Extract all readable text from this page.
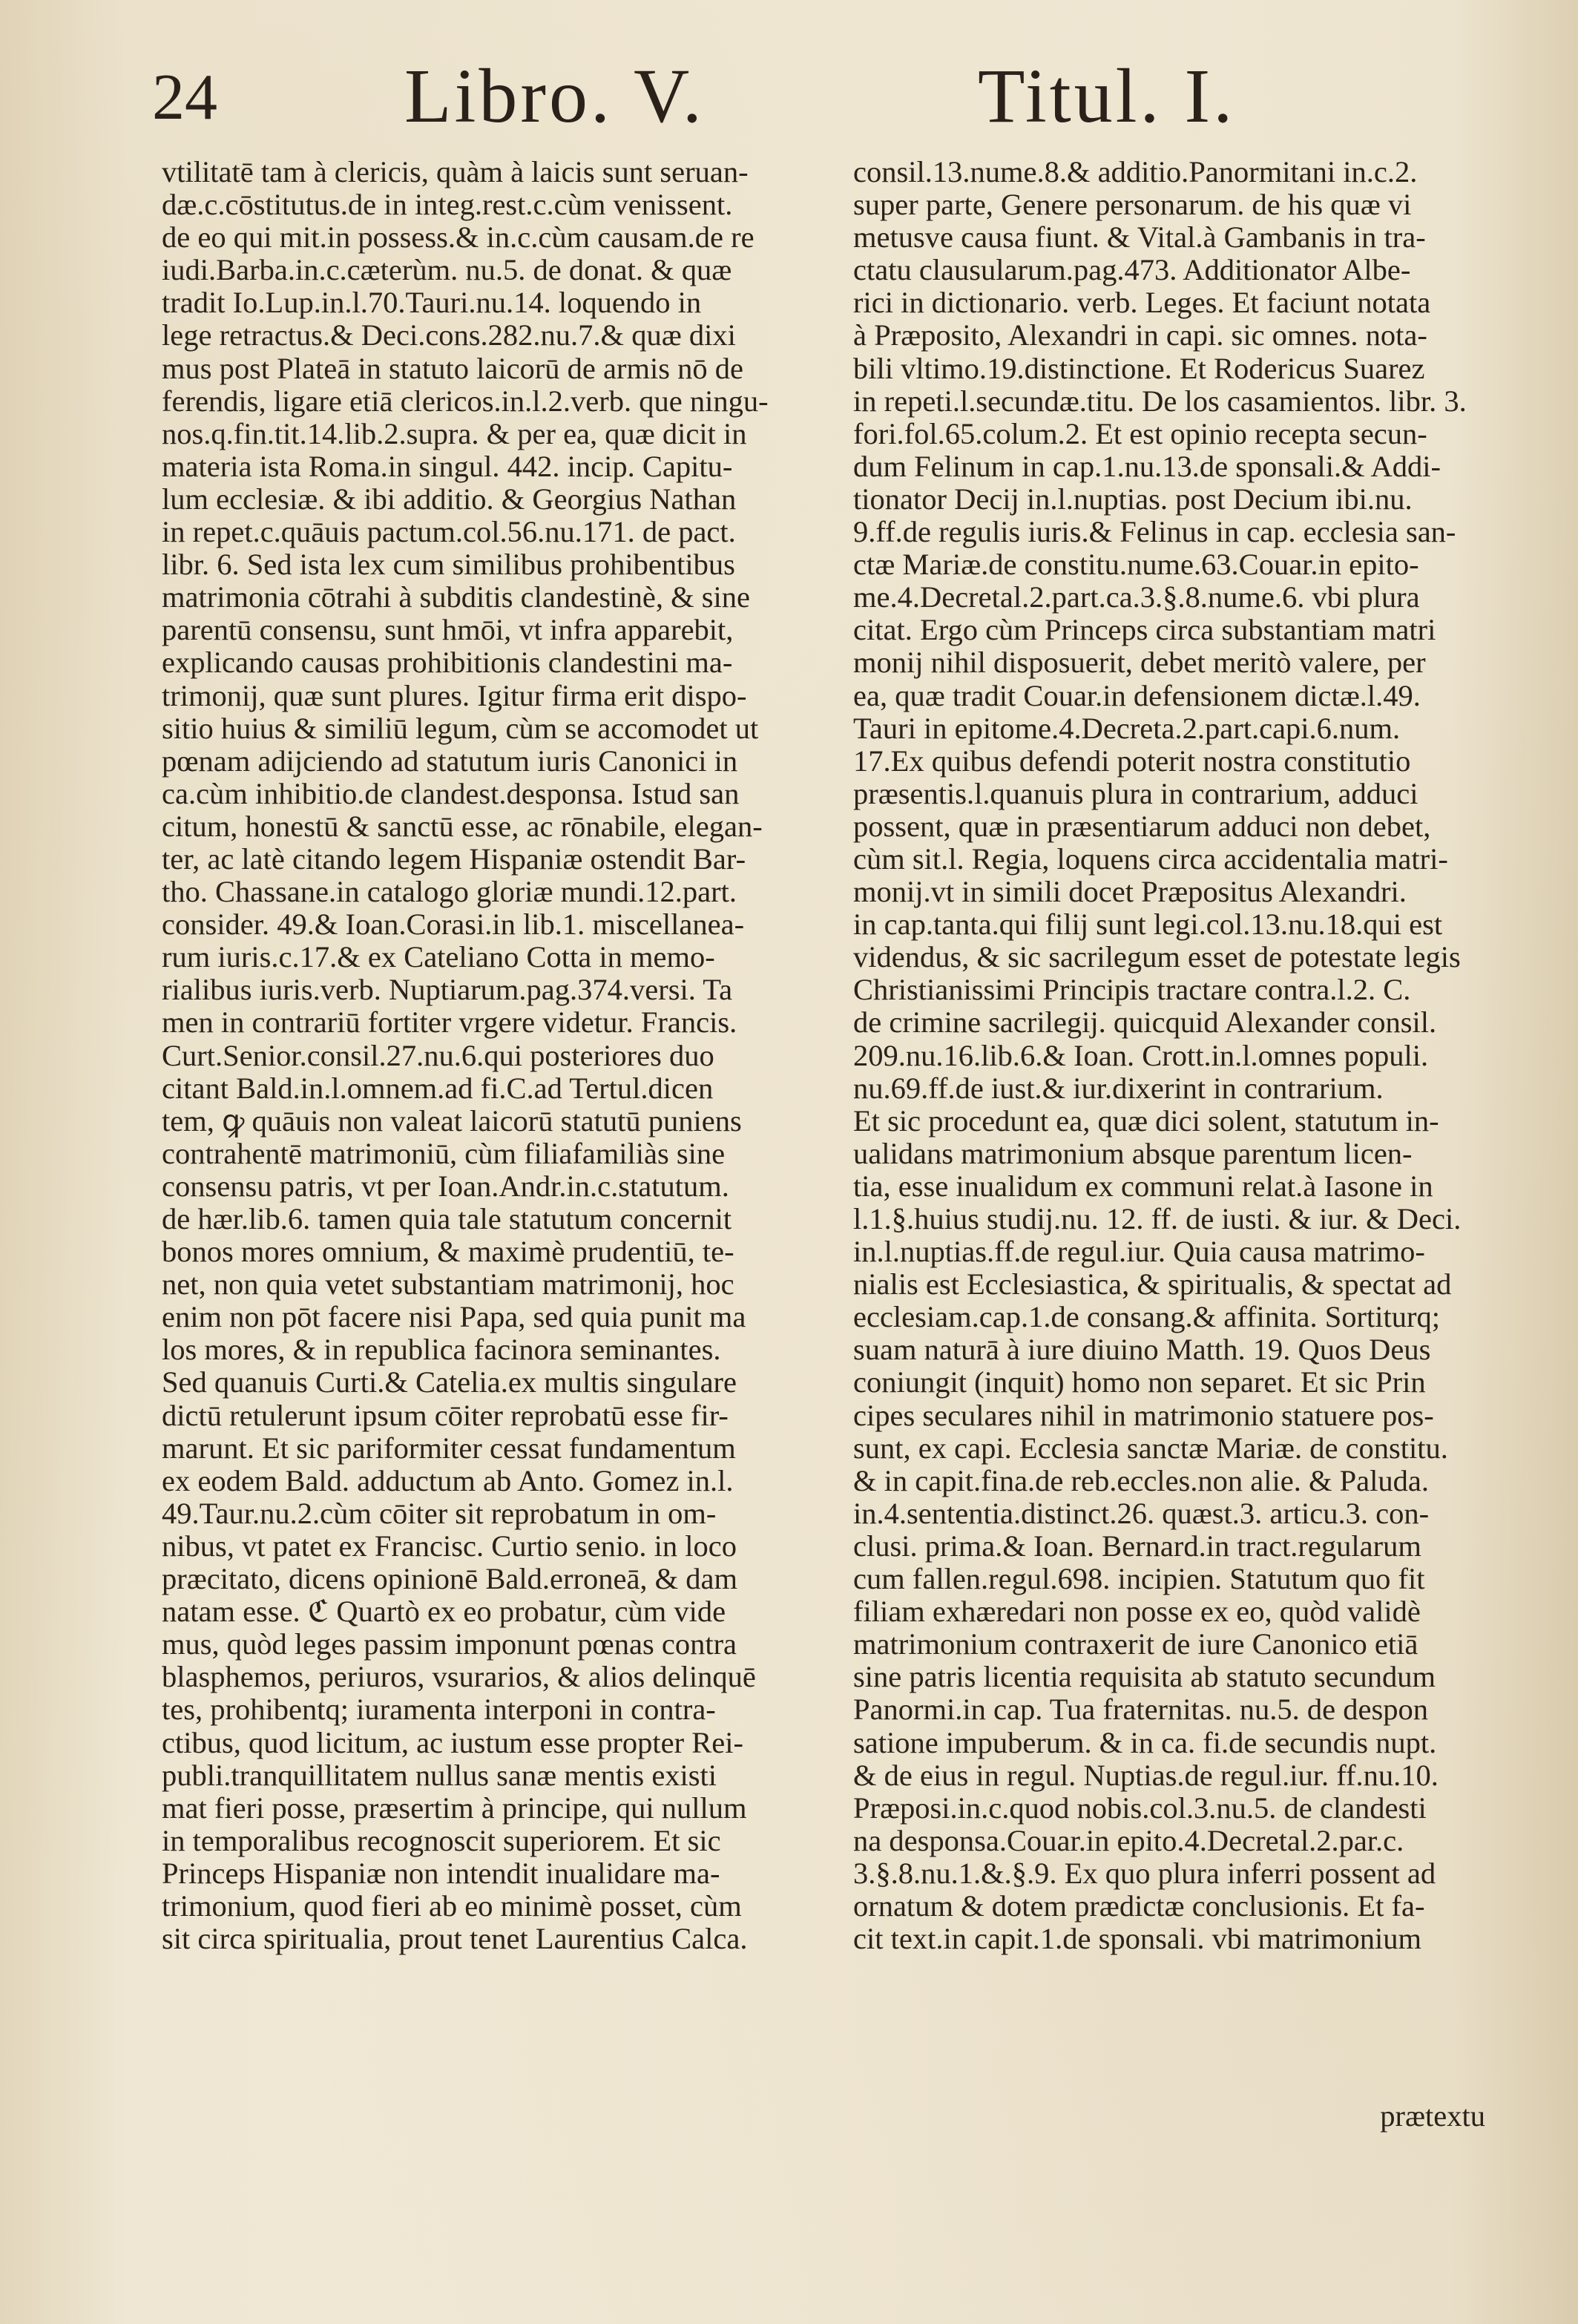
24 Libro. V.	Titul. I.
vtilitatē tam à clericis, quàm à laicis sunt seruan-
dæ.c.cōstitutus.de in integ.rest.c.cùm venissent.
de eo qui mit.in possess.& in.c.cùm causam.de re
iudi.Barba.in.c.cæterùm. nu.5. de donat. & quæ
tradit Io.Lup.in.l.70.Tauri.nu.14. loquendo in
lege retractus.& Deci.cons.282.nu.7.& quæ dixi
mus post Plateā in statuto laicorū de armis nō de
ferendis, ligare etiā clericos.in.l.2.verb. que ningu-
nos.q.fin.tit.14.lib.2.supra. & per ea, quæ dicit in
materia ista Roma.in singul. 442. incip. Capitu-
lum ecclesiæ. & ibi additio. & Georgius Nathan
in repet.c.quāuis pactum.col.56.nu.171. de pact.
libr. 6. Sed ista lex cum similibus prohibentibus
matrimonia cōtrahi à subditis clandestinè, & sine
parentū consensu, sunt hmōi, vt infra apparebit,
explicando causas prohibitionis clandestini ma-
trimonij, quæ sunt plures. Igitur firma erit dispo-
sitio huius & similiū legum, cùm se accomodet ut
pœnam adijciendo ad statutum iuris Canonici in
ca.cùm inhibitio.de clandest.desponsa. Istud san
citum, honestū & sanctū esse, ac rōnabile, elegan-
ter, ac latè citando legem Hispaniæ ostendit Bar-
tho. Chassane.in catalogo gloriæ mundi.12.part.
consider. 49.& Ioan.Corasi.in lib.1. miscellanea-
rum iuris.c.17.& ex Cateliano Cotta in memo-
rialibus iuris.verb. Nuptiarum.pag.374.versi. Ta
men in contrariū fortiter vrgere videtur. Francis.
Curt.Senior.consil.27.nu.6.qui posteriores duo
citant Bald.in.l.omnem.ad fi.C.ad Tertul.dicen
tem, ꝙ quāuis non valeat laicorū statutū puniens
contrahentē matrimoniū, cùm filiafamiliàs sine
consensu patris, vt per Ioan.Andr.in.c.statutum.
de hær.lib.6. tamen quia tale statutum concernit
bonos mores omnium, & maximè prudentiū, te-
net, non quia vetet substantiam matrimonij, hoc
enim non pōt facere nisi Papa, sed quia punit ma
los mores, & in republica facinora seminantes.
Sed quanuis Curti.& Catelia.ex multis singulare
dictū retulerunt ipsum cōiter reprobatū esse fir-
marunt. Et sic pariformiter cessat fundamentum
ex eodem Bald. adductum ab Anto. Gomez in.l.
49.Taur.nu.2.cùm cōiter sit reprobatum in om-
nibus, vt patet ex Francisc. Curtio senio. in loco
præcitato, dicens opinionē Bald.erroneā, & dam
natam esse. ℭ Quartò ex eo probatur, cùm vide
mus, quòd leges passim imponunt pœnas contra
blasphemos, periuros, vsurarios, & alios delinquē
tes, prohibentq; iuramenta interponi in contra-
ctibus, quod licitum, ac iustum esse propter Rei-
publi.tranquillitatem nullus sanæ mentis existi
mat fieri posse, præsertim à principe, qui nullum
in temporalibus recognoscit superiorem. Et sic
Princeps Hispaniæ non intendit inualidare ma-
trimonium, quod fieri ab eo minimè posset, cùm
sit circa spiritualia, prout tenet Laurentius Calca.
consil.13.nume.8.& additio.Panormitani in.c.2.
super parte, Genere personarum. de his quæ vi
metusve causa fiunt. & Vital.à Gambanis in tra-
ctatu clausularum.pag.473. Additionator Albe-
rici in dictionario. verb. Leges. Et faciunt notata
à Præposito, Alexandri in capi. sic omnes. nota-
bili vltimo.19.distinctione. Et Rodericus Suarez
in repeti.l.secundæ.titu. De los casamientos. libr. 3.
fori.fol.65.colum.2. Et est opinio recepta secun-
dum Felinum in cap.1.nu.13.de sponsali.& Addi-
tionator Decij in.l.nuptias. post Decium ibi.nu.
9.ff.de regulis iuris.& Felinus in cap. ecclesia san-
ctæ Mariæ.de constitu.nume.63.Couar.in epito-
me.4.Decretal.2.part.ca.3.§.8.nume.6. vbi plura
citat. Ergo cùm Princeps circa substantiam matri
monij nihil disposuerit, debet meritò valere, per
ea, quæ tradit Couar.in defensionem dictæ.l.49.
Tauri in epitome.4.Decreta.2.part.capi.6.num.
17.Ex quibus defendi poterit nostra constitutio
præsentis.l.quanuis plura in contrarium, adduci
possent, quæ in præsentiarum adduci non debet,
cùm sit.l. Regia, loquens circa accidentalia matri-
monij.vt in simili docet Præpositus Alexandri.
in cap.tanta.qui filij sunt legi.col.13.nu.18.qui est
videndus, & sic sacrilegum esset de potestate legis
Christianissimi Principis tractare contra.l.2. C.
de crimine sacrilegij. quicquid Alexander consil.
209.nu.16.lib.6.& Ioan. Crott.in.l.omnes populi.
nu.69.ff.de iust.& iur.dixerint in contrarium.
Et sic procedunt ea, quæ dici solent, statutum in-
ualidans matrimonium absque parentum licen-
tia, esse inualidum ex communi relat.à Iasone in
l.1.§.huius studij.nu. 12. ff. de iusti. & iur. & Deci.
in.l.nuptias.ff.de regul.iur. Quia causa matrimo-
nialis est Ecclesiastica, & spiritualis, & spectat ad
ecclesiam.cap.1.de consang.& affinita. Sortiturq;
suam naturā à iure diuino Matth. 19. Quos Deus
coniungit (inquit) homo non separet. Et sic Prin
cipes seculares nihil in matrimonio statuere pos-
sunt, ex capi. Ecclesia sanctæ Mariæ. de constitu.
& in capit.fina.de reb.eccles.non alie. & Paluda.
in.4.sententia.distinct.26. quæst.3. articu.3. con-
clusi. prima.& Ioan. Bernard.in tract.regularum
cum fallen.regul.698. incipien. Statutum quo fit
filiam exhæredari non posse ex eo, quòd validè
matrimonium contraxerit de iure Canonico etiā
sine patris licentia requisita ab statuto secundum
Panormi.in cap. Tua fraternitas. nu.5. de despon
satione impuberum. & in ca. fi.de secundis nupt.
& de eius in regul. Nuptias.de regul.iur. ff.nu.10.
Præposi.in.c.quod nobis.col.3.nu.5. de clandesti
na desponsa.Couar.in epito.4.Decretal.2.par.c.
3.§.8.nu.1.&.§.9. Ex quo plura inferri possent ad
ornatum & dotem prædictæ conclusionis. Et fa-
cit text.in capit.1.de sponsali. vbi matrimonium
prætextu
